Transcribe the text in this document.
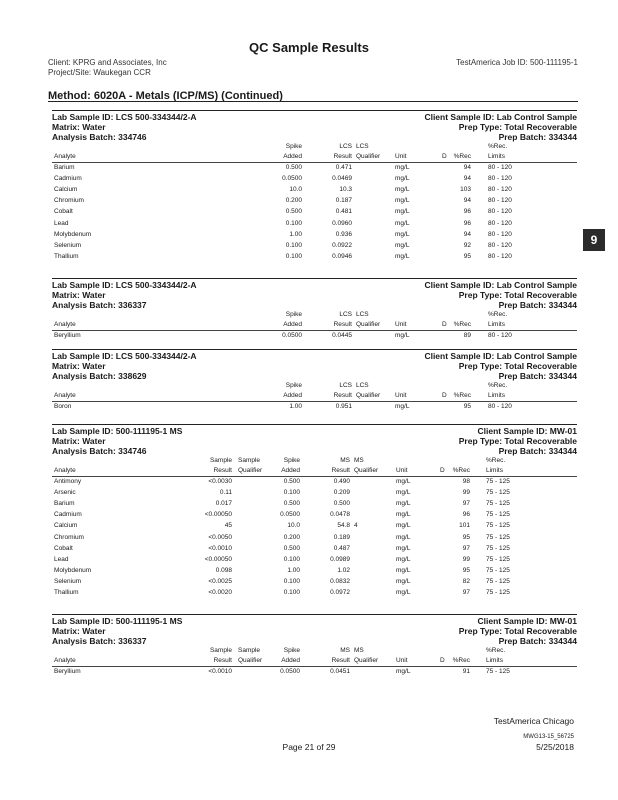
QC Sample Results
Client: KPRG and Associates, Inc
Project/Site: Waukegan CCR
TestAmerica Job ID: 500-111195-1
Method: 6020A - Metals (ICP/MS) (Continued)
9
Lab Sample ID: LCS 500-334344/2-A
Matrix: Water
Analysis Batch: 334746
Client Sample ID: Lab Control Sample
Prep Type: Total Recoverable
Prep Batch: 334344
LCS LCS
Spike	%Rec.
Analyte	Added	Result Qualifier Unit	D	%Rec	Limits
Barium	0.500	0.471	mg/L	94	80 - 120
Cadmium	0.0500	0.0469	mg/L	94	80 - 120
Calcium	10.0	10.3	mg/L	103	80 - 120
Chromium	0.200	0.187	mg/L	94	80 - 120
Cobalt	0.500	0.481	mg/L	96	80 - 120
Lead	0.100	0.0960	mg/L	96	80 - 120
Molybdenum	1.00	0.936	mg/L	94	80 - 120
Selenium	0.100	0.0922	mg/L	92	80 - 120
Thallium	0.100	0.0946	mg/L	95	80 - 120
Lab Sample ID: LCS 500-334344/2-A
Matrix: Water
Analysis Batch: 336337
Client Sample ID: Lab Control Sample
Prep Type: Total Recoverable
Prep Batch: 334344
LCS LCS
Spike	%Rec.
Analyte	Added	Result Qualifier Unit	D	%Rec	Limits
Beryllium	0.0500	0.0445	mg/L	89	80 - 120
Lab Sample ID: LCS 500-334344/2-A
Matrix: Water
Analysis Batch: 338629
Client Sample ID: Lab Control Sample
Prep Type: Total Recoverable
Prep Batch: 334344
LCS LCS
Spike	%Rec.
Analyte	Added	Result Qualifier Unit	D	%Rec	Limits
Boron	1.00	0.951	mg/L	95	80 - 120
Lab Sample ID: 500-111195-1 MS
Matrix: Water
Analysis Batch: 334746
Client Sample ID: MW-01
Prep Type: Total Recoverable
Prep Batch: 334344
Sample Sample
Result Qualifier
MS MS
Spike	%Rec.
Analyte	Added	Result Qualifier	Unit	D	%Rec Limits
Antimony	<0.0030	0.500	0.490	mg/L	98 75 - 125
Arsenic	0.11	0.100	0.209	mg/L	99 75 - 125
Barium	0.017	0.500	0.500	mg/L	97 75 - 125
Cadmium	<0.00050	0.0500	0.0478	mg/L	96 75 - 125
Calcium	45	10.0	54.8 4	mg/L	101 75 - 125
Chromium	<0.0050	0.200	0.189	mg/L	95 75 - 125
Cobalt	<0.0010	0.500	0.487	mg/L	97 75 - 125
Lead	<0.00050	0.100	0.0989	mg/L	99 75 - 125
Molybdenum	0.098	1.00	1.02	mg/L	95 75 - 125
Selenium	<0.0025	0.100	0.0832	mg/L	82 75 - 125
Thallium	<0.0020	0.100	0.0972	mg/L	97 75 - 125
Lab Sample ID: 500-111195-1 MS
Matrix: Water
Analysis Batch: 336337
Client Sample ID: MW-01
Prep Type: Total Recoverable
Prep Batch: 334344
Sample Sample
Result Qualifier
MS MS
Spike	%Rec.
Analyte	Added	Result Qualifier	Unit	D	%Rec Limits
Beryllium	<0.0010	0.0500	0.0451	mg/L	91 75 - 125
TestAmerica Chicago
MWG13-15_56725
Page 21 of 29	5/25/2018
